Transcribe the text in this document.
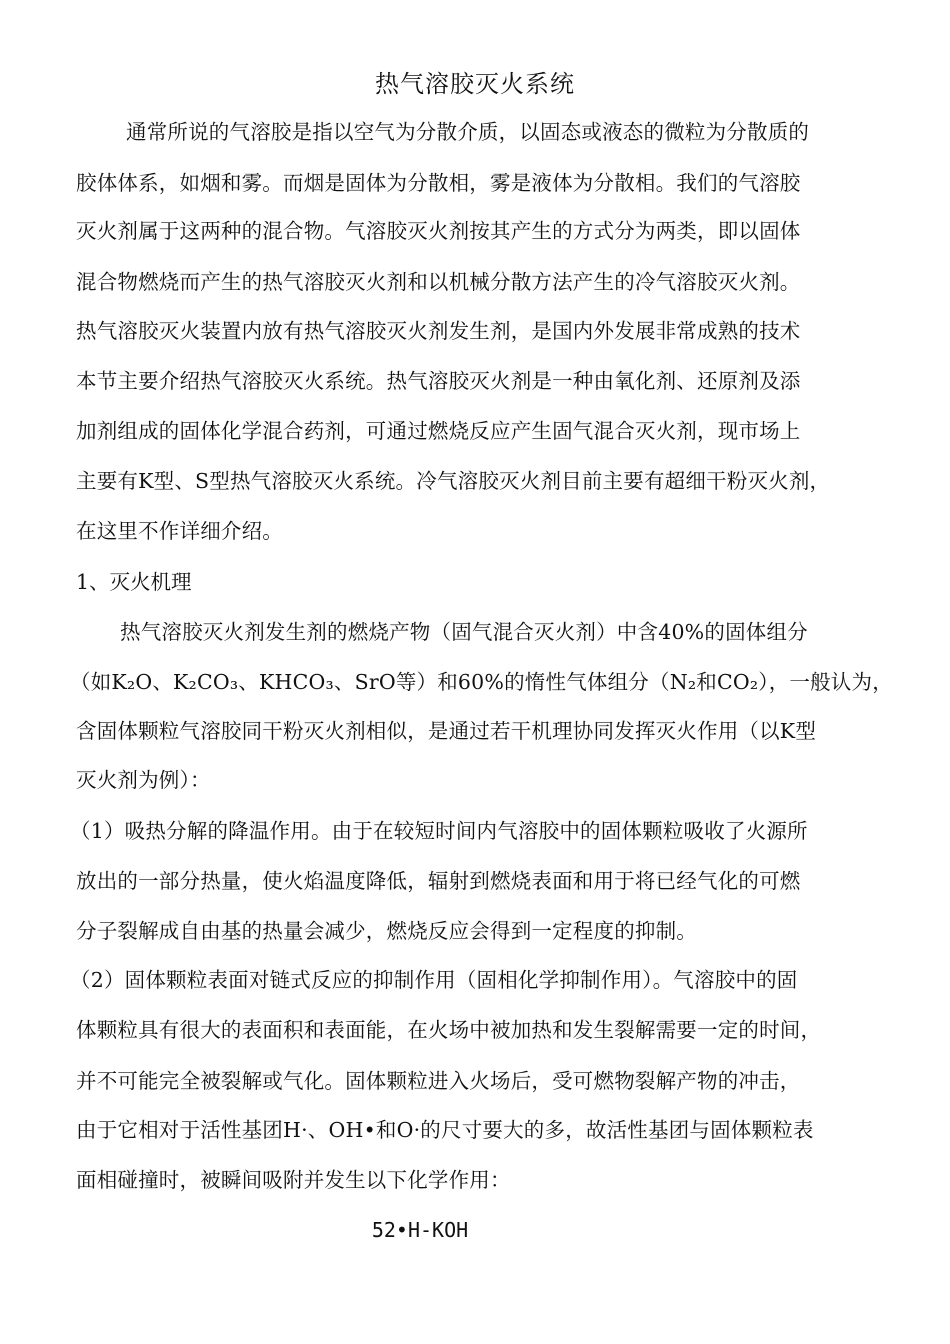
热气溶胶灭火系统
通常所说的气溶胶是指以空气为分散介质，以固态或液态的微粒为分散质的
胶体体系，如烟和雾。而烟是固体为分散相，雾是液体为分散相。我们的气溶胶
灭火剂属于这两种的混合物。气溶胶灭火剂按其产生的方式分为两类，即以固体
混合物燃烧而产生的热气溶胶灭火剂和以机械分散方法产生的冷气溶胶灭火剂。
热气溶胶灭火装置内放有热气溶胶灭火剂发生剂，是国内外发展非常成熟的技术
本节主要介绍热气溶胶灭火系统。热气溶胶灭火剂是一种由氧化剂、还原剂及添
加剂组成的固体化学混合药剂，可通过燃烧反应产生固气混合灭火剂，现市场上
主要有K型、S型热气溶胶灭火系统。冷气溶胶灭火剂目前主要有超细干粉灭火剂，
在这里不作详细介绍。
1、灭火机理
热气溶胶灭火剂发生剂的燃烧产物（固气混合灭火剂）中含40%的固体组分
（如K₂O、K₂CO₃、KHCO₃、SrO等）和60%的惰性气体组分（N₂和CO₂），一般认为，
含固体颗粒气溶胶同干粉灭火剂相似，是通过若干机理协同发挥灭火作用（以K型
灭火剂为例）：
（1）吸热分解的降温作用。由于在较短时间内气溶胶中的固体颗粒吸收了火源所
放出的一部分热量，使火焰温度降低，辐射到燃烧表面和用于将已经气化的可燃
分子裂解成自由基的热量会减少，燃烧反应会得到一定程度的抑制。
（2）固体颗粒表面对链式反应的抑制作用（固相化学抑制作用）。气溶胶中的固
体颗粒具有很大的表面积和表面能，在火场中被加热和发生裂解需要一定的时间，
并不可能完全被裂解或气化。固体颗粒进入火场后，受可燃物裂解产物的冲击，
由于它相对于活性基团H·、OH•和O·的尺寸要大的多，故活性基团与固体颗粒表
面相碰撞时，被瞬间吸附并发生以下化学作用：
52•H-KOH
